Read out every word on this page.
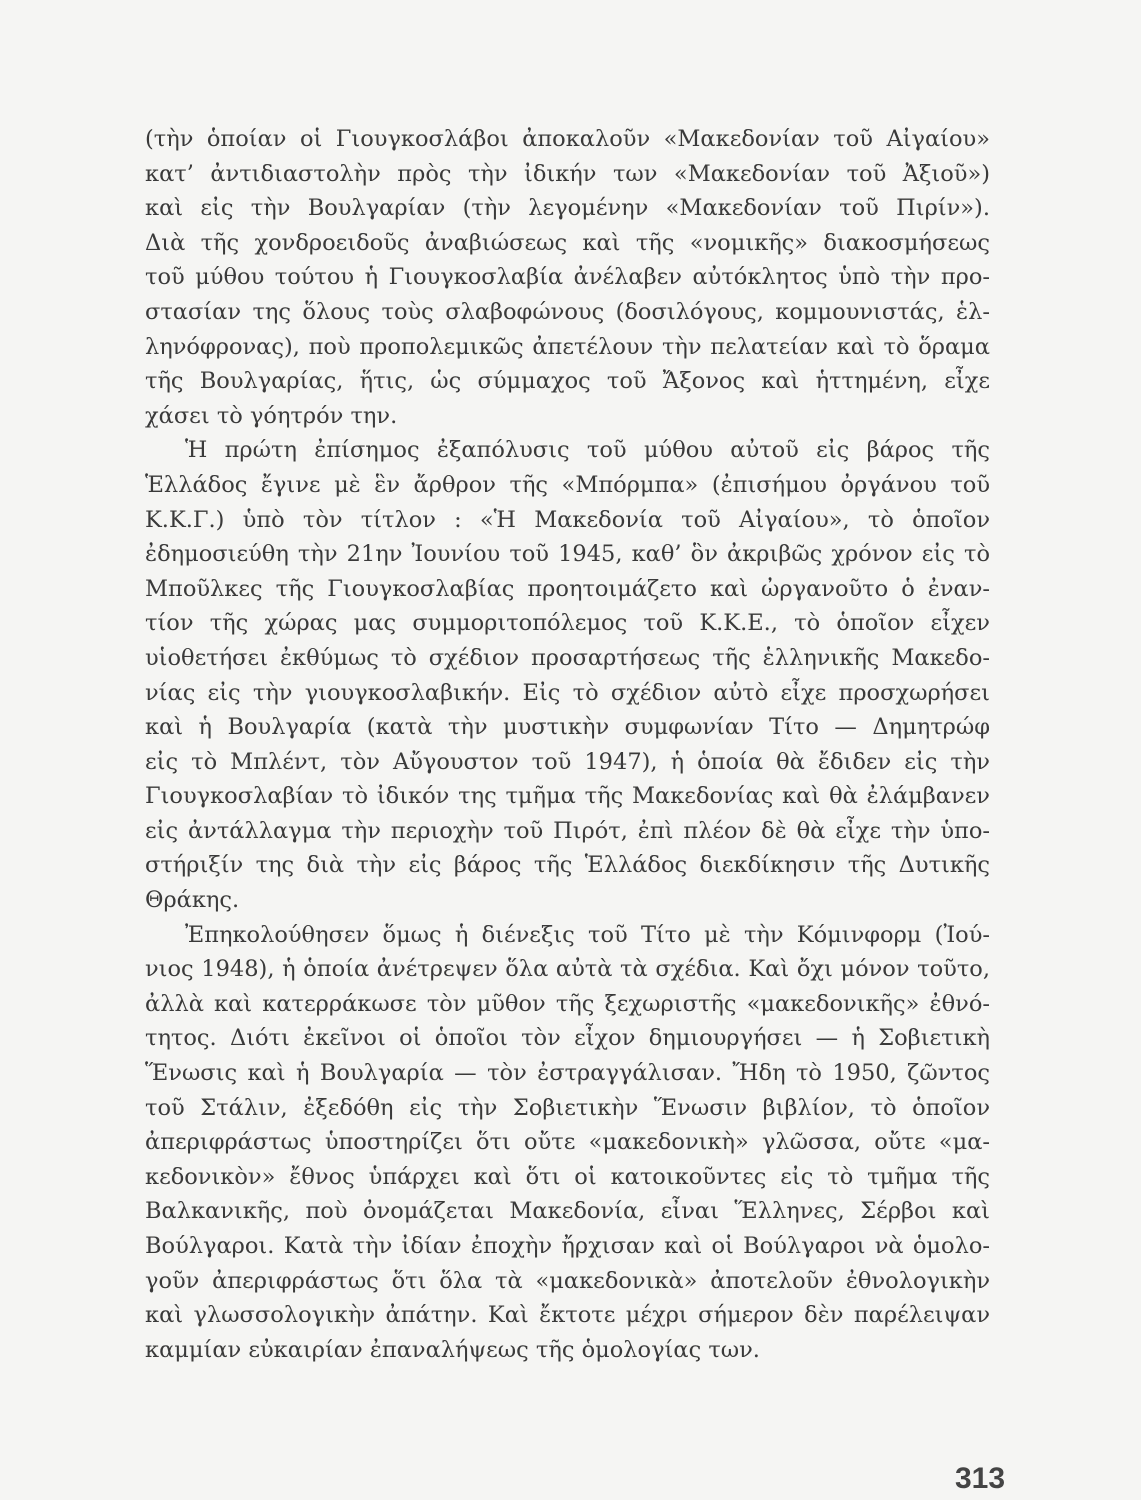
(τὴν ὁποίαν οἱ Γιουγκοσλάβοι ἀποκαλοῦν «Μακεδονίαν τοῦ Αἰγαίου»
κατ’ ἀντιδιαστολὴν πρὸς τὴν ἰδικήν των «Μακεδονίαν τοῦ Ἀξιοῦ»)
καὶ εἰς τὴν Βουλγαρίαν (τὴν λεγομένην «Μακεδονίαν τοῦ Πιρίν»).
Διὰ τῆς χονδροειδοῦς ἀναβιώσεως καὶ τῆς «νομικῆς» διακοσμήσεως
τοῦ μύθου τούτου ἡ Γιουγκοσλαβία ἀνέλαβεν αὐτόκλητος ὑπὸ τὴν προ-
στασίαν της ὅλους τοὺς σλαβοφώνους (δοσιλόγους, κομμουνιστάς, ἑλ-
ληνόφρονας), ποὺ προπολεμικῶς ἀπετέλουν τὴν πελατείαν καὶ τὸ ὅραμα
τῆς Βουλγαρίας, ἥτις, ὡς σύμμαχος τοῦ Ἄξονος καὶ ἡττημένη, εἶχε
χάσει τὸ γόητρόν την.
Ἡ πρώτη ἐπίσημος ἐξαπόλυσις τοῦ μύθου αὐτοῦ εἰς βάρος τῆς
Ἑλλάδος ἔγινε μὲ ἓν ἄρθρον τῆς «Μπόρμπα» (ἐπισήμου ὀργάνου τοῦ
Κ.Κ.Γ.) ὑπὸ τὸν τίτλον : «Ἡ Μακεδονία τοῦ Αἰγαίου», τὸ ὁποῖον
ἐδημοσιεύθη τὴν 21ην Ἰουνίου τοῦ 1945, καθ’ ὃν ἀκριβῶς χρόνον εἰς τὸ
Μποῦλκες τῆς Γιουγκοσλαβίας προητοιμάζετο καὶ ὠργανοῦτο ὁ ἐναν-
τίον τῆς χώρας μας συμμοριτοπόλεμος τοῦ Κ.Κ.Ε., τὸ ὁποῖον εἶχεν
υἱοθετήσει ἐκθύμως τὸ σχέδιον προσαρτήσεως τῆς ἑλληνικῆς Μακεδο-
νίας εἰς τὴν γιουγκοσλαβικήν. Εἰς τὸ σχέδιον αὐτὸ εἶχε προσχωρήσει
καὶ ἡ Βουλγαρία (κατὰ τὴν μυστικὴν συμφωνίαν Τίτο — Δημητρώφ
εἰς τὸ Μπλέντ, τὸν Αὔγουστον τοῦ 1947), ἡ ὁποία θὰ ἔδιδεν εἰς τὴν
Γιουγκοσλαβίαν τὸ ἰδικόν της τμῆμα τῆς Μακεδονίας καὶ θὰ ἐλάμβανεν
εἰς ἀντάλλαγμα τὴν περιοχὴν τοῦ Πιρότ, ἐπὶ πλέον δὲ θὰ εἶχε τὴν ὑπο-
στήριξίν της διὰ τὴν εἰς βάρος τῆς Ἑλλάδος διεκδίκησιν τῆς Δυτικῆς
Θράκης.
Ἐπηκολούθησεν ὅμως ἡ διένεξις τοῦ Τίτο μὲ τὴν Κόμινφορμ (Ἰού-
νιος 1948), ἡ ὁποία ἀνέτρεψεν ὅλα αὐτὰ τὰ σχέδια. Καὶ ὄχι μόνον τοῦτο,
ἀλλὰ καὶ κατερράκωσε τὸν μῦθον τῆς ξεχωριστῆς «μακεδονικῆς» ἐθνό-
τητος. Διότι ἐκεῖνοι οἱ ὁποῖοι τὸν εἶχον δημιουργήσει — ἡ Σοβιετικὴ
Ἕνωσις καὶ ἡ Βουλγαρία — τὸν ἐστραγγάλισαν. Ἤδη τὸ 1950, ζῶντος
τοῦ Στάλιν, ἐξεδόθη εἰς τὴν Σοβιετικὴν Ἕνωσιν βιβλίον, τὸ ὁποῖον
ἀπεριφράστως ὑποστηρίζει ὅτι οὔτε «μακεδονικὴ» γλῶσσα, οὔτε «μα-
κεδονικὸν» ἔθνος ὑπάρχει καὶ ὅτι οἱ κατοικοῦντες εἰς τὸ τμῆμα τῆς
Βαλκανικῆς, ποὺ ὀνομάζεται Μακεδονία, εἶναι Ἕλληνες, Σέρβοι καὶ
Βούλγαροι. Κατὰ τὴν ἰδίαν ἐποχὴν ἤρχισαν καὶ οἱ Βούλγαροι νὰ ὁμολο-
γοῦν ἀπεριφράστως ὅτι ὅλα τὰ «μακεδονικὰ» ἀποτελοῦν ἐθνολογικὴν
καὶ γλωσσολογικὴν ἀπάτην. Καὶ ἔκτοτε μέχρι σήμερον δὲν παρέλειψαν
καμμίαν εὐκαιρίαν ἐπαναλήψεως τῆς ὁμολογίας των.
313
